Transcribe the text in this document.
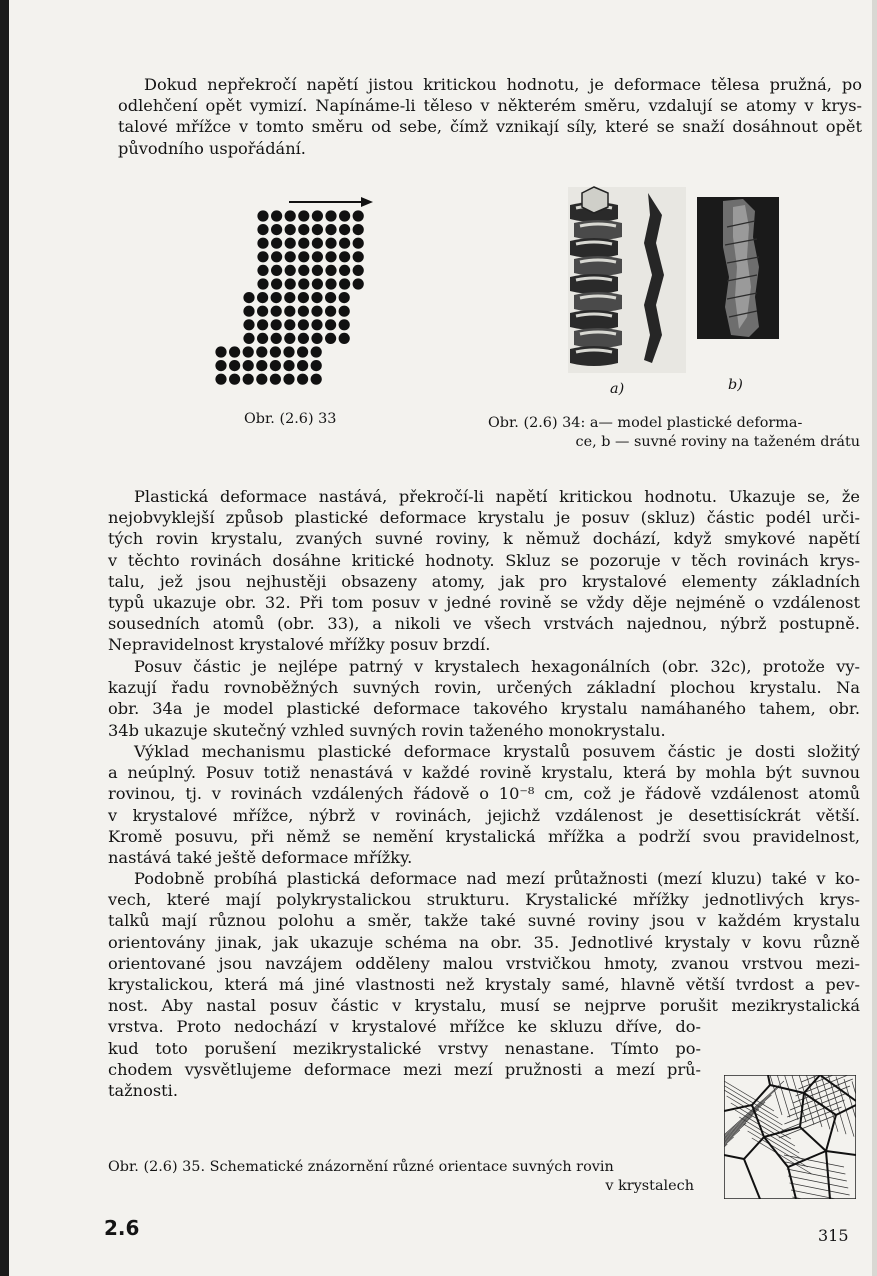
Dokud nepřekročí napětí jistou kritickou hodnotu, je deformace tělesa pružná, po
odlehčení opět vymizí. Napínáme-li těleso v některém směru, vzdalují se atomy v krys-
talové mřížce v tomto směru od sebe, čímž vznikají síly, které se snaží dosáhnout opět
původního uspořádání.
Obr. (2.6) 33
a)	b)
Obr. (2.6) 34: a— model plastické deforma-
ce, b — suvné roviny na taženém drátu
Plastická deformace nastává, překročí-li napětí kritickou hodnotu. Ukazuje se, že
nejobvyklejší způsob plastické deformace krystalu je posuv (skluz) částic podél urči-
tých rovin krystalu, zvaných suvné roviny, k němuž dochází, když smykové napětí
v těchto rovinách dosáhne kritické hodnoty. Skluz se pozoruje v těch rovinách krys-
talu, jež jsou nejhustěji obsazeny atomy, jak pro krystalové elementy základních
typů ukazuje obr. 32. Při tom posuv v jedné rovině se vždy děje nejméně o vzdálenost
sousedních atomů (obr. 33), a nikoli ve všech vrstvách najednou, nýbrž postupně.
Nepravidelnost krystalové mřížky posuv brzdí.
Posuv částic je nejlépe patrný v krystalech hexagonálních (obr. 32c), protože vy-
kazují řadu rovnoběžných suvných rovin, určených základní plochou krystalu. Na
obr. 34a je model plastické deformace takového krystalu namáhaného tahem, obr.
34b ukazuje skutečný vzhled suvných rovin taženého monokrystalu.
Výklad mechanismu plastické deformace krystalů posuvem částic je dosti složitý
a neúplný. Posuv totiž nenastává v každé rovině krystalu, která by mohla být suvnou
rovinou, tj. v rovinách vzdálených řádově o 10⁻⁸ cm, což je řádově vzdálenost atomů
v krystalové mřížce, nýbrž v rovinách, jejichž vzdálenost je desettisíckrát větší.
Kromě posuvu, při němž se nemění krystalická mřížka a podrží svou pravidelnost,
nastává také ještě deformace mřížky.
Podobně probíhá plastická deformace nad mezí průtažnosti (mezí kluzu) také v ko-
vech, které mají polykrystalickou strukturu. Krystalické mřížky jednotlivých krys-
talků mají různou polohu a směr, takže také suvné roviny jsou v každém krystalu
orientovány jinak, jak ukazuje schéma na obr. 35. Jednotlivé krystaly v kovu různě
orientované jsou navzájem odděleny malou vrstvičkou hmoty, zvanou vrstvou mezi-
krystalickou, která má jiné vlastnosti než krystaly samé, hlavně větší tvrdost a pev-
nost. Aby nastal posuv částic v krystalu, musí se nejprve porušit mezikrystalická
vrstva. Proto nedochází v krystalové mřížce ke skluzu dříve, do-
kud toto porušení mezikrystalické vrstvy nenastane. Tímto po-
chodem vysvětlujeme deformace mezi mezí pružnosti a mezí prů-
tažnosti.
Obr. (2.6) 35. Schematické znázornění různé orientace suvných rovin
v krystalech
2.6	315
